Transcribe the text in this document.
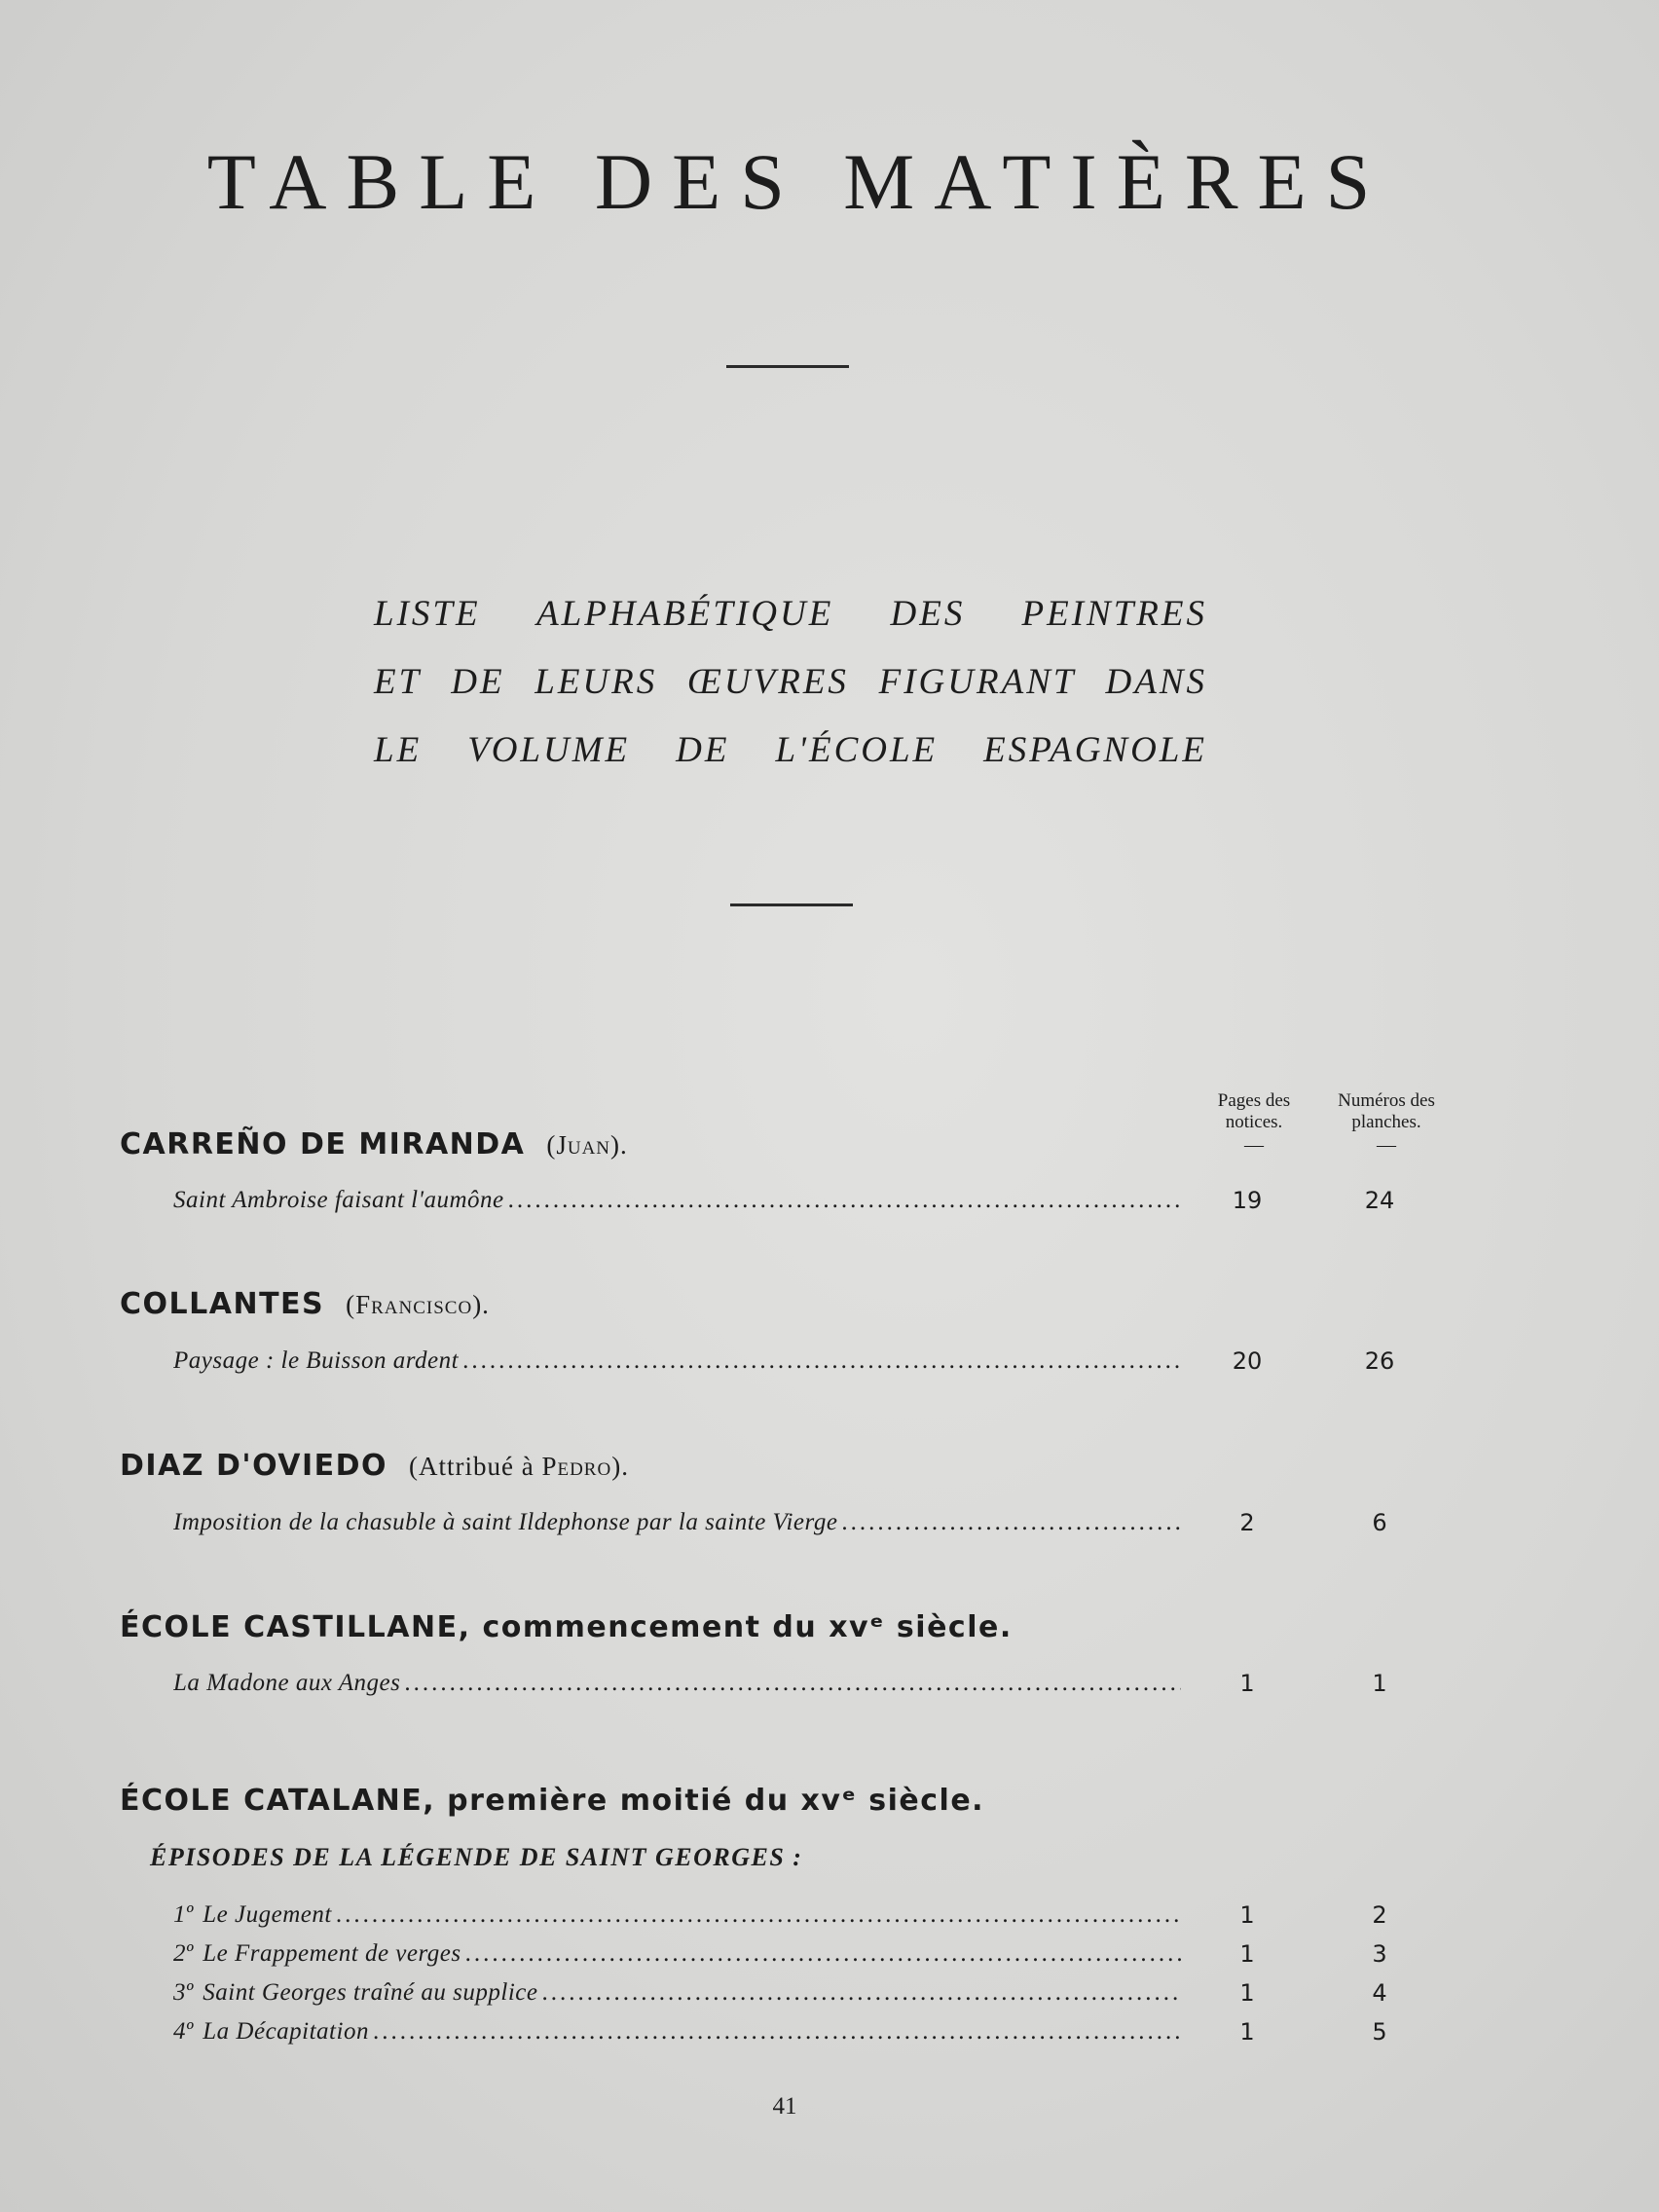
TABLE DES MATIÈRES
LISTE ALPHABÉTIQUE DES PEINTRES
ET DE LEURS ŒUVRES FIGURANT DANS
LE VOLUME DE L'ÉCOLE ESPAGNOLE
Pages des
notices.
—
Numéros des
planches.
—
CARREÑO DE MIRANDA (Juan).
Saint Ambroise faisant l'aumône .....	19	24
COLLANTES (Francisco).
Paysage : le Buisson ardent .....	20	26
DIAZ D'OVIEDO (Attribué à Pedro).
Imposition de la chasuble à saint Ildephonse par la sainte Vierge .....	2	6
ÉCOLE CASTILLANE, commencement du xvᵉ siècle.
La Madone aux Anges .....	1	1
ÉCOLE CATALANE, première moitié du xvᵉ siècle.
ÉPISODES DE LA LÉGENDE DE SAINT GEORGES :
1º Le Jugement .....	1	2
2º Le Frappement de verges .....	1	3
3º Saint Georges traîné au supplice .....	1	4
4º La Décapitation .....	1	5
41
